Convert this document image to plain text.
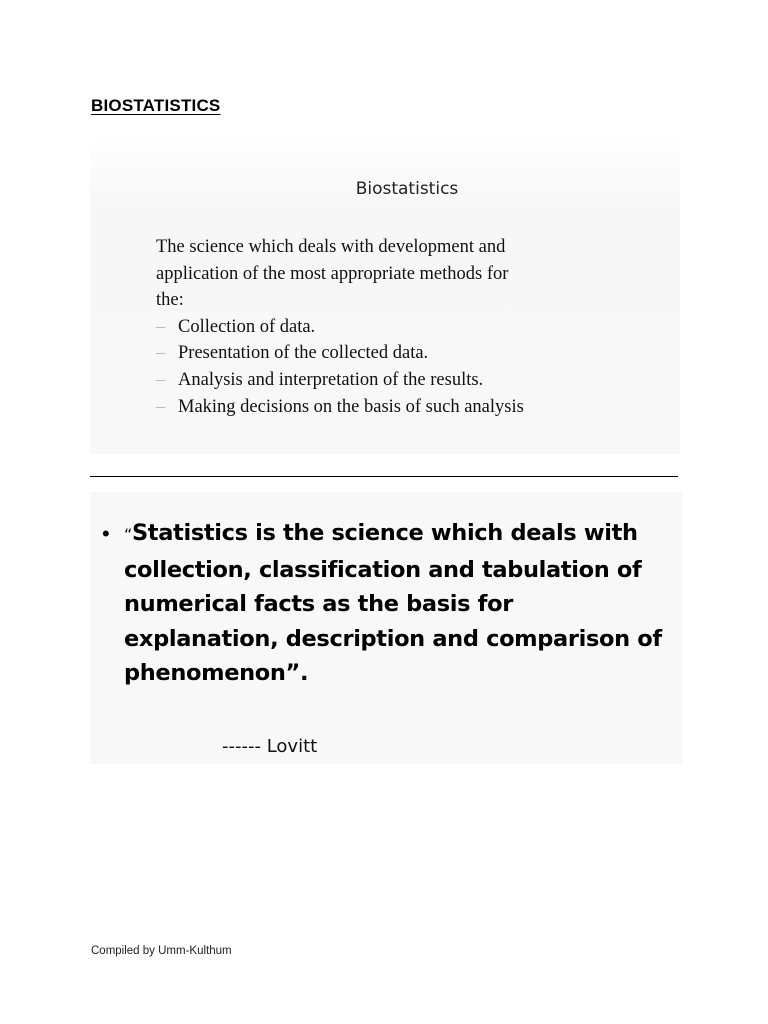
BIOSTATISTICS
Biostatistics

The science which deals with development and
application of the most appropriate methods for
the:

– Collection of data.
– Presentation of the collected data.
– Analysis and interpretation of the results.
– Making decisions on the basis of such analysis
• “Statistics is the science which deals with
collection, classification and tabulation of
numerical facts as the basis for
explanation, description and comparison of
phenomenon”.
------ Lovitt
Compiled by Umm-Kulthum
